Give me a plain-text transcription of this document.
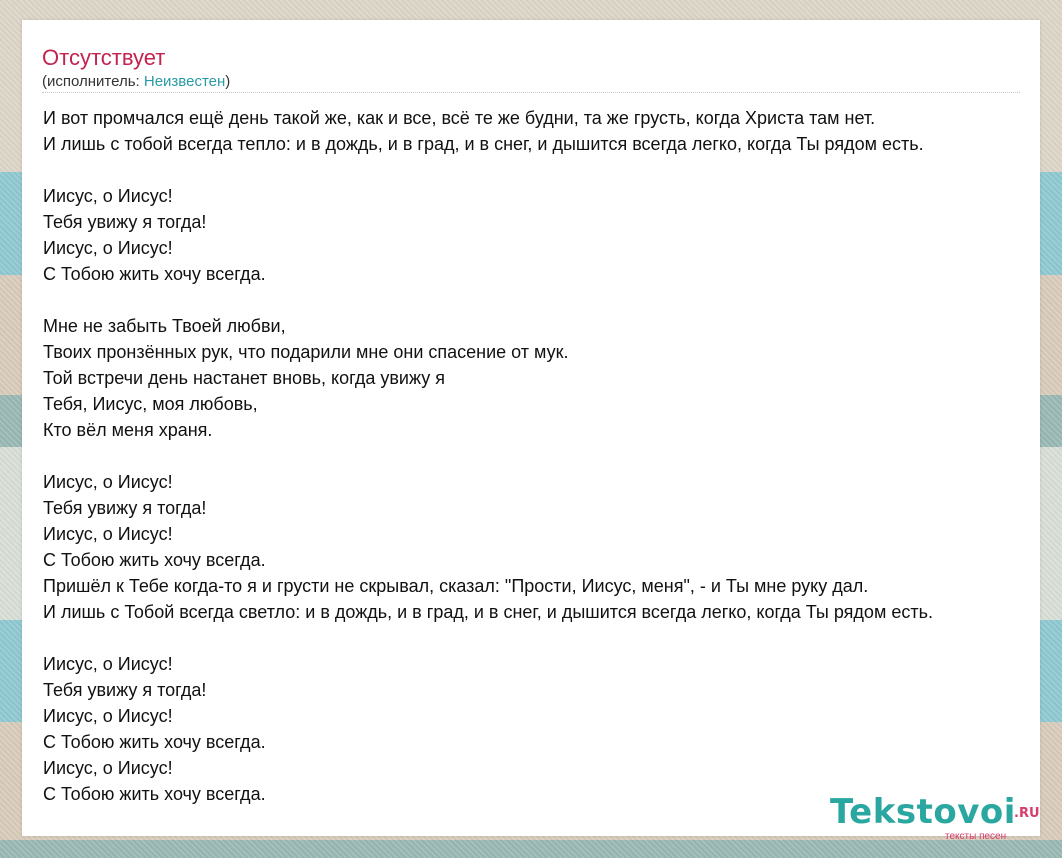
Отсутствует
(исполнитель: Неизвестен)
И вот промчался ещё день такой же, как и все, всё те же будни, та же грусть, когда Христа там нет.
И лишь с тобой всегда тепло: и в дождь, и в град, и в снег, и дышится всегда легко, когда Ты рядом есть.
Иисус, о Иисус!
Тебя увижу я тогда!
Иисус, о Иисус!
С Тобою жить хочу всегда.
Мне не забыть Твоей любви,
Твоих пронзённых рук, что подарили мне они спасение от мук.
Той встречи день настанет вновь, когда увижу я
Тебя, Иисус, моя любовь,
Кто вёл меня храня.
Иисус, о Иисус!
Тебя увижу я тогда!
Иисус, о Иисус!
С Тобою жить хочу всегда.
Пришёл к Тебе когда-то я и грусти не скрывал, сказал: "Прости, Иисус, меня", - и Ты мне руку дал.
И лишь с Тобой всегда светло: и в дождь, и в град, и в снег, и дышится всегда легко, когда Ты рядом есть.
Иисус, о Иисус!
Тебя увижу я тогда!
Иисус, о Иисус!
С Тобою жить хочу всегда.
Иисус, о Иисус!
С Тобою жить хочу всегда.	Tekstovoi
.RU
тексты песен
